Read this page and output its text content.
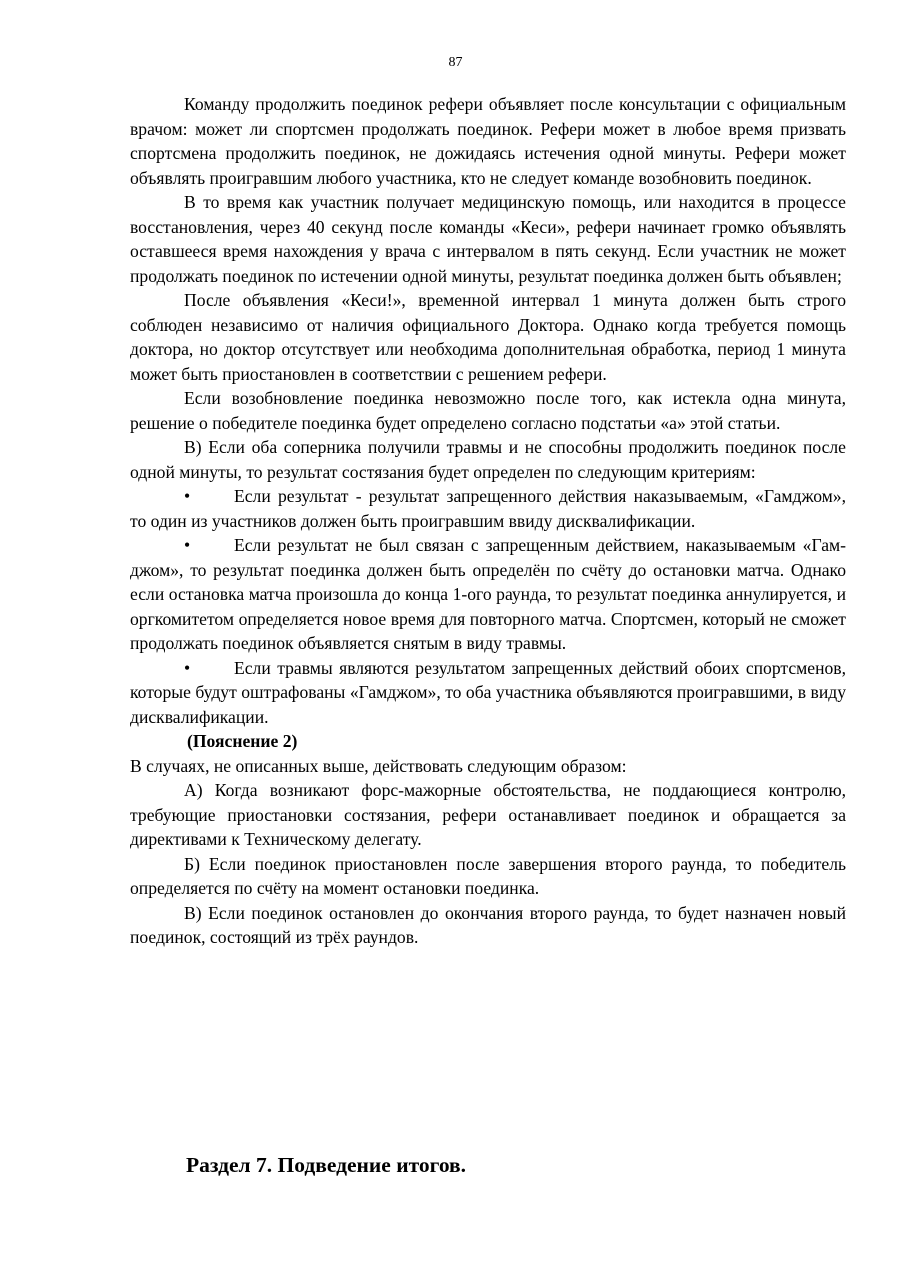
87

Команду продолжить поединок рефери объявляет после консультации с официальным врачом: может ли спортсмен продолжать поединок. Рефери может в любое время призвать спортсмена продолжить поединок, не дожидаясь истечения одной минуты. Рефери может объявлять проигравшим любого участника, кто не следует команде возобновить поединок.

В то время как участник получает медицинскую помощь, или находится в процессе восстановления, через 40 секунд после команды «Кеси», рефери начинает громко объявлять оставшееся время нахождения у врача с интервалом в пять секунд. Если участник не может продолжать поединок по истечении одной минуты, результат поединка должен быть объявлен;

После объявления «Кеси!», временной интервал 1 минута должен быть строго соблюден независимо от наличия официального Доктора. Однако когда требуется помощь доктора, но доктор отсутствует или необходима дополнительная обработка, период 1 минута может быть приостановлен в соответствии с решением рефери.

Если возобновление поединка невозможно после того, как истекла одна минута, решение о победителе поединка будет определено согласно подстатьи «а» этой статьи.

В) Если оба соперника получили травмы и не способны продолжить поединок после одной минуты, то результат состязания будет определен по следующим критериям:

• Если результат - результат запрещенного действия наказываемым, «Гамджом», то один из участников должен быть проигравшим ввиду дисквалификации.

• Если результат не был связан с запрещенным действием, наказываемым «Гам-джом», то результат поединка должен быть определён по счёту до остановки матча. Однако если остановка матча произошла до конца 1-ого раунда, то результат поединка аннулируется, и оргкомитетом определяется новое время для повторного матча. Спортсмен, который не сможет продолжать поединок объявляется снятым в виду травмы.

• Если травмы являются результатом запрещенных действий обоих спортсменов, которые будут оштрафованы «Гамджом», то оба участника объявляются проигравшими, в виду дисквалификации.

(Пояснение 2)

В случаях, не описанных выше, действовать следующим образом:

А) Когда возникают форс-мажорные обстоятельства, не поддающиеся контролю, требующие приостановки состязания, рефери останавливает поединок и обращается за директивами к Техническому делегату.

Б) Если поединок приостановлен после завершения второго раунда, то победитель определяется по счёту на момент остановки поединка.

В) Если поединок остановлен до окончания второго раунда, то будет назначен новый поединок, состоящий из трёх раундов.

Раздел 7. Подведение итогов.
